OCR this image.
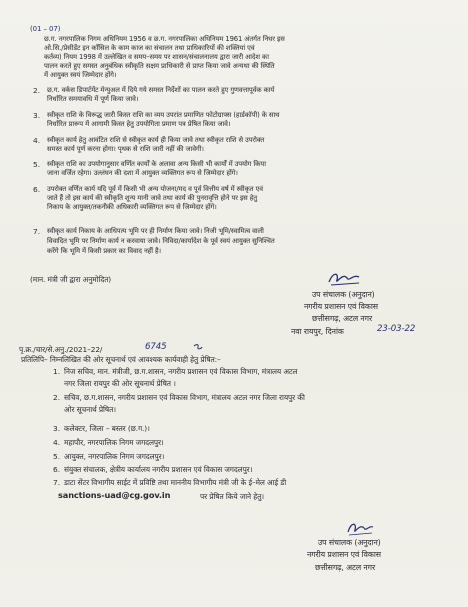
(01 – 07)
छ.ग. नगरपालिक निगम अधिनियम 1956 व छ.ग. नगरपालिका अधिनियम 1961 अंतर्गत निधर इस
ओ.सि./प्रेसीडेंट इन काँसिल के काम काज का संचालन तथा प्राधिकारियों की शक्तियां एवं
कर्तव्य) नियम 1998 में उल्लेखित व समय–समय पर शासन/संचालनालय द्वारा जारी आदेश का
पालन करते हुए समस्त अनुबंधिक स्वीकृति सक्षम प्राधिकारी से प्राप्त किया जावे अन्यथा की स्थिति
में आयुक्त स्वयं जिम्मेदार होंगे।
2. छ.ग. वर्कस डिपार्टमेंट मेन्युअल में दिये गये समस्त निर्देशों का पालन करते हुए गुणवत्तापूर्वक कार्य
निर्धारित समयावधि में पूर्ण किया जावे।
3. स्वीकृत राशि के विरूद्ध जारी किस्त राशि का व्यय उपरांत प्रमाणित फोटोग्राफ्स (हार्डकॉपी) के साथ
निर्धारित प्रारूप में आगामी किस्त हेतु उपयोगिता प्रमाण पत्र प्रेषित किया जावे।
4. स्वीकृत कार्य हेतु आवंटित राशि से स्वीकृत कार्य ही किया जावे तथा स्वीकृत राशि से उपरोक्त
समस्त कार्य पूर्ण करना होगा। पृथक से राशि जारी नहीं की जावेगी।
5. स्वीकृत राशि का उपयोगानुसार वर्णित कार्यों के अलावा अन्य किसी भी कार्यों में उपयोग किया
जाना वर्जित रहेगा। उल्लंघन की दशा में आयुक्त व्यक्तिगत रूप से जिम्मेदार होंगे।
6. उपरोक्त वर्णित कार्य यदि पूर्व में किसी भी अन्य योजना/मद व पूर्व वित्तीय वर्ष में स्वीकृत एवं
जाते हैं तो इस कार्य की स्वीकृति शून्य मानी जावे तथा कार्य की पुनरावृत्ति होने पर इस हेतु
निकाय के आयुक्त/तकनीकी अधिकारी व्यक्तिगत रूप से जिम्मेदार होंगे।
7. स्वीकृत कार्य निकाय के आधिपत्य भूमि पर ही निर्माण किया जावे। निजी भूमि/स्वामित्व वाली
विवादित भूमि पर निर्माण कार्य न करवाया जावे। निविदा/कार्यादेश के पूर्व स्वयं आयुक्त सुनिश्चित
करेंगे कि भूमि में किसी प्रकार का विवाद नहीं है।
(मान. मंत्री जी द्वारा अनुमोदित)
उप संचालक (अनुदान)
नगरीय प्रशासन एवं विकास
छत्तीसगढ़, अटल नगर
नवा रायपुर, दिनांक	23-03-22
पृ.क्र./चार/से.अनु./2021–22/	6745
प्रतिलिपि– निम्नलिखित की ओर सूचनार्थ एवं आवश्यक कार्यवाही हेतु प्रेषित:–
1. निज सचिव, मान. मंत्रीजी, छ.ग.शासन, नगरीय प्रशासन एवं विकास विभाग, मंत्रालय अटल
नगर जिला रायपुर की ओर सूचनार्थ प्रेषित ।
2. सचिव, छ.ग.शासन, नगरीय प्रशासन एवं विकास विभाग, मंत्रालय अटल नगर जिला रायपुर की
ओर सूचनार्थ प्रेषित।
3. कलेक्टर, जिला – बस्तर (छ.ग.)।
4. महापौर, नगरपालिक निगम जगदलपुर।
5. आयुक्त, नगरपालिक निगम जगदलपुर।
6. संयुक्त संचालक, क्षेत्रीय कार्यालय नगरीय प्रशासन एवं विकास जगदलपुर।
7. डाटा सेंटर विभागीय साईट में प्रविष्टि तथा माननीय विभागीय मंत्री जी के ई–मेल आई डी
sanctions-uad@cg.gov.in	पर प्रेषित किये जाने हेतु।
उप संचालक (अनुदान)
नगरीय प्रशासन एवं विकास
छत्तीसगढ़, अटल नगर
